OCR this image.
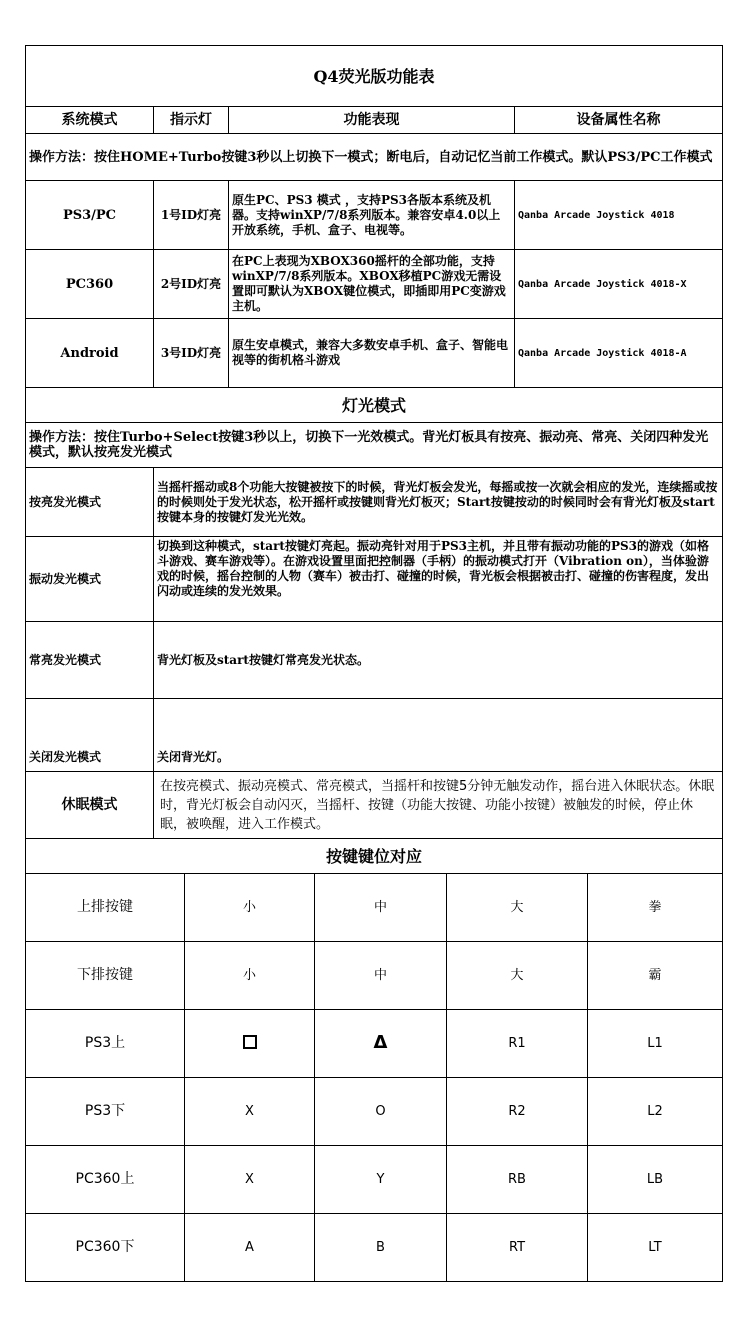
Q4荧光版功能表			
系统模式	指示灯	功能表现	设备属性名称
操作方法：按住HOME+Turbo按键3秒以上切换下一模式；断电后，自动记忆当前工作模式。默认PS3/PC工作模式			
PS3/PC	1号ID灯亮	原生PC、PS3 模式 ，支持PS3各版本系统及机器。支持winXP/7/8系列版本。兼容安卓4.0以上开放系统，手机、盒子、电视等。	Qanba Arcade Joystick 4018
PC360	2号ID灯亮	在PC上表现为XBOX360摇杆的全部功能，支持winXP/7/8系列版本。XBOX移植PC游戏无需设置即可默认为XBOX键位模式，即插即用PC变游戏主机。	Qanba Arcade Joystick 4018-X
Android	3号ID灯亮	原生安卓模式，兼容大多数安卓手机、盒子、智能电视等的街机格斗游戏	Qanba Arcade Joystick 4018-A
灯光模式			
操作方法：按住Turbo+Select按键3秒以上，切换下一光效模式。背光灯板具有按亮、振动亮、常亮、关闭四种发光模式，默认按亮发光模式			
按亮发光模式	当摇杆摇动或8个功能大按键被按下的时候，背光灯板会发光，每摇或按一次就会相应的发光，连续摇或按的时候则处于发光状态，松开摇杆或按键则背光灯板灭；Start按键按动的时候同时会有背光灯板及start按键本身的按键灯发光光效。		
振动发光模式	切换到这种模式，start按键灯亮起。振动亮针对用于PS3主机，并且带有振动功能的PS3的游戏（如格斗游戏、赛车游戏等）。在游戏设置里面把控制器（手柄）的振动模式打开（Vibration on），当体验游戏的时候，摇台控制的人物（赛车）被击打、碰撞的时候，背光板会根据被击打、碰撞的伤害程度，发出闪动或连续的发光效果。		
常亮发光模式	背光灯板及start按键灯常亮发光状态。		
关闭发光模式	关闭背光灯。		
休眠模式	在按亮模式、振动亮模式、常亮模式，当摇杆和按键5分钟无触发动作，摇台进入休眠状态。休眠时，背光灯板会自动闪灭，当摇杆、按键（功能大按键、功能小按键）被触发的时候，停止休眠，被唤醒，进入工作模式。		
按键键位对应			
上排按键	小	中	大	拳
下排按键	小	中	大	霸
PS3上		Δ	R1	L1
PS3下	X	O	R2	L2
PC360上	X	Y	RB	LB
PC360下	A	B	RT	LT
